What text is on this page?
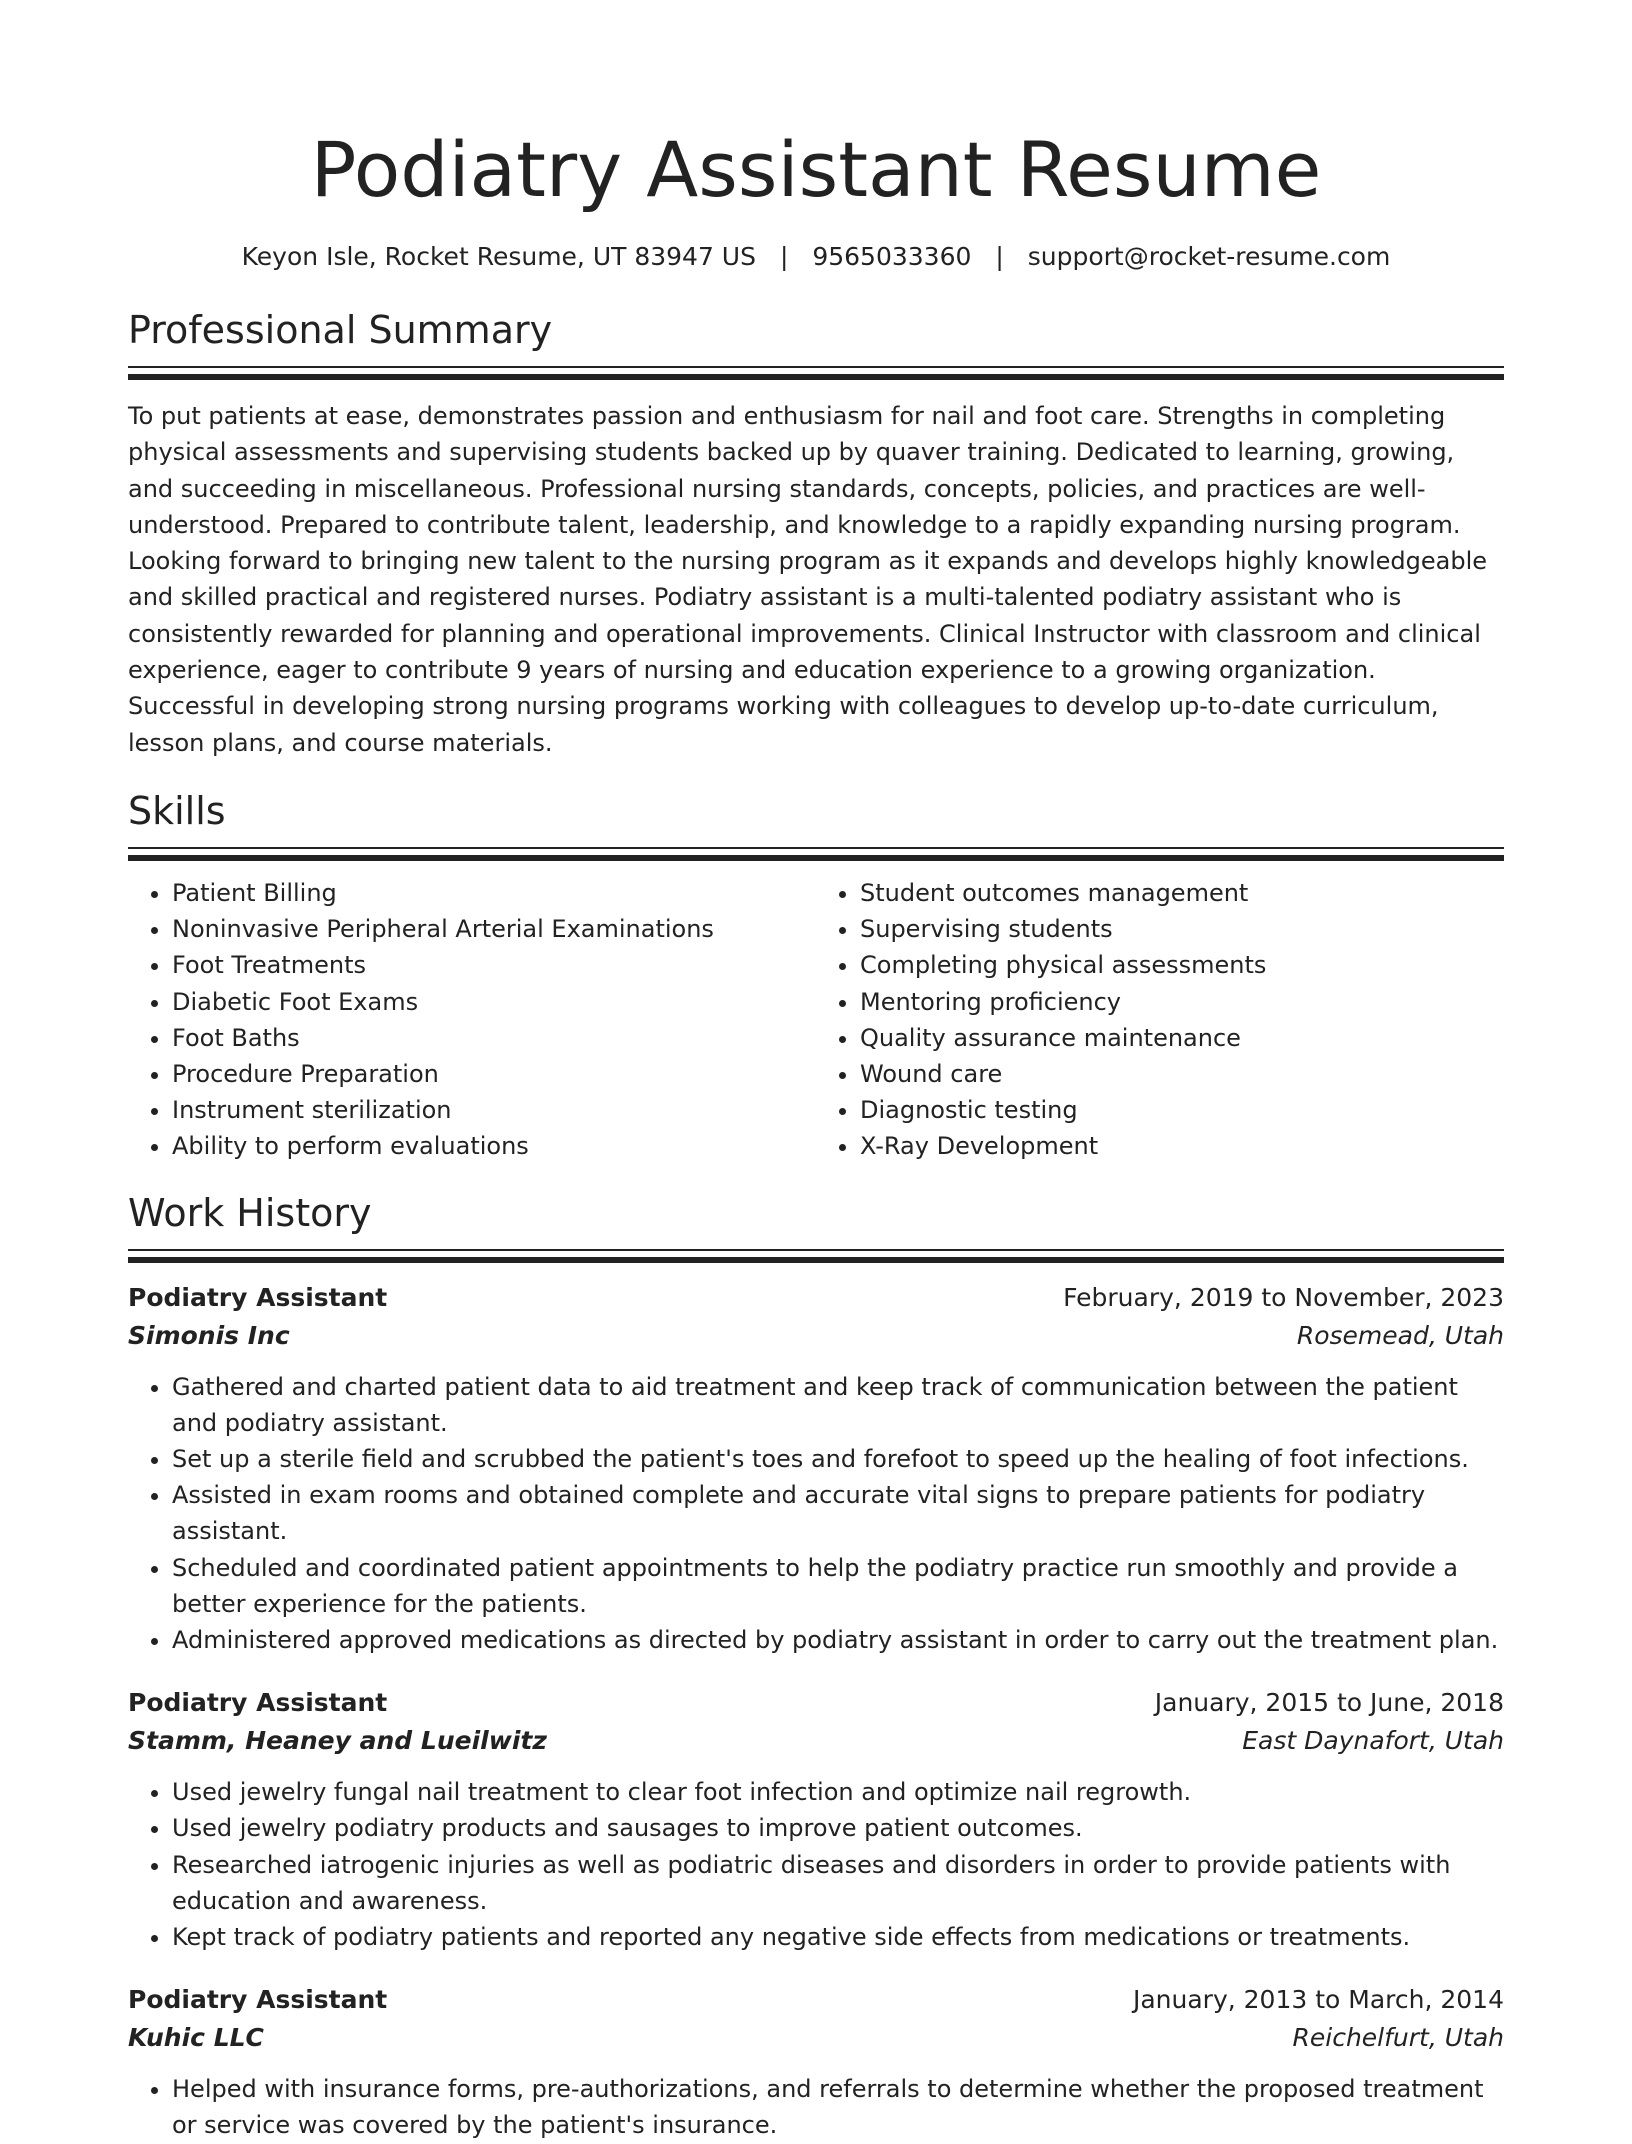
Podiatry Assistant Resume
Keyon Isle, Rocket Resume, UT 83947 US | 9565033360 | support@rocket-resume.com
Professional Summary

To put patients at ease, demonstrates passion and enthusiasm for nail and foot care. Strengths in completing physical assessments and supervising students backed up by quaver training. Dedicated to learning, growing, and succeeding in miscellaneous. Professional nursing standards, concepts, policies, and practices are well-understood. Prepared to contribute talent, leadership, and knowledge to a rapidly expanding nursing program. Looking forward to bringing new talent to the nursing program as it expands and develops highly knowledgeable and skilled practical and registered nurses. Podiatry assistant is a multi-talented podiatry assistant who is consistently rewarded for planning and operational improvements. Clinical Instructor with classroom and clinical experience, eager to contribute 9 years of nursing and education experience to a growing organization. Successful in developing strong nursing programs working with colleagues to develop up-to-date curriculum, lesson plans, and course materials.

Skills
• Patient Billing
• Noninvasive Peripheral Arterial Examinations
• Foot Treatments
• Diabetic Foot Exams
• Foot Baths
• Procedure Preparation
• Instrument sterilization
• Ability to perform evaluations
• Student outcomes management
• Supervising students
• Completing physical assessments
• Mentoring proficiency
• Quality assurance maintenance
• Wound care
• Diagnostic testing
• X-Ray Development
Work History
Podiatry Assistant	February, 2019 to November, 2023
Simonis Inc	Rosemead, Utah
• Gathered and charted patient data to aid treatment and keep track of communication between the patient and podiatry assistant.
• Set up a sterile field and scrubbed the patient's toes and forefoot to speed up the healing of foot infections.
• Assisted in exam rooms and obtained complete and accurate vital signs to prepare patients for podiatry assistant.
• Scheduled and coordinated patient appointments to help the podiatry practice run smoothly and provide a better experience for the patients.
• Administered approved medications as directed by podiatry assistant in order to carry out the treatment plan.
Podiatry Assistant	January, 2015 to June, 2018
Stamm, Heaney and Lueilwitz	East Daynafort, Utah
• Used jewelry fungal nail treatment to clear foot infection and optimize nail regrowth.
• Used jewelry podiatry products and sausages to improve patient outcomes.
• Researched iatrogenic injuries as well as podiatric diseases and disorders in order to provide patients with education and awareness.
• Kept track of podiatry patients and reported any negative side effects from medications or treatments.
Podiatry Assistant	January, 2013 to March, 2014
Kuhic LLC	Reichelfurt, Utah
• Helped with insurance forms, pre-authorizations, and referrals to determine whether the proposed treatment or service was covered by the patient's insurance.
